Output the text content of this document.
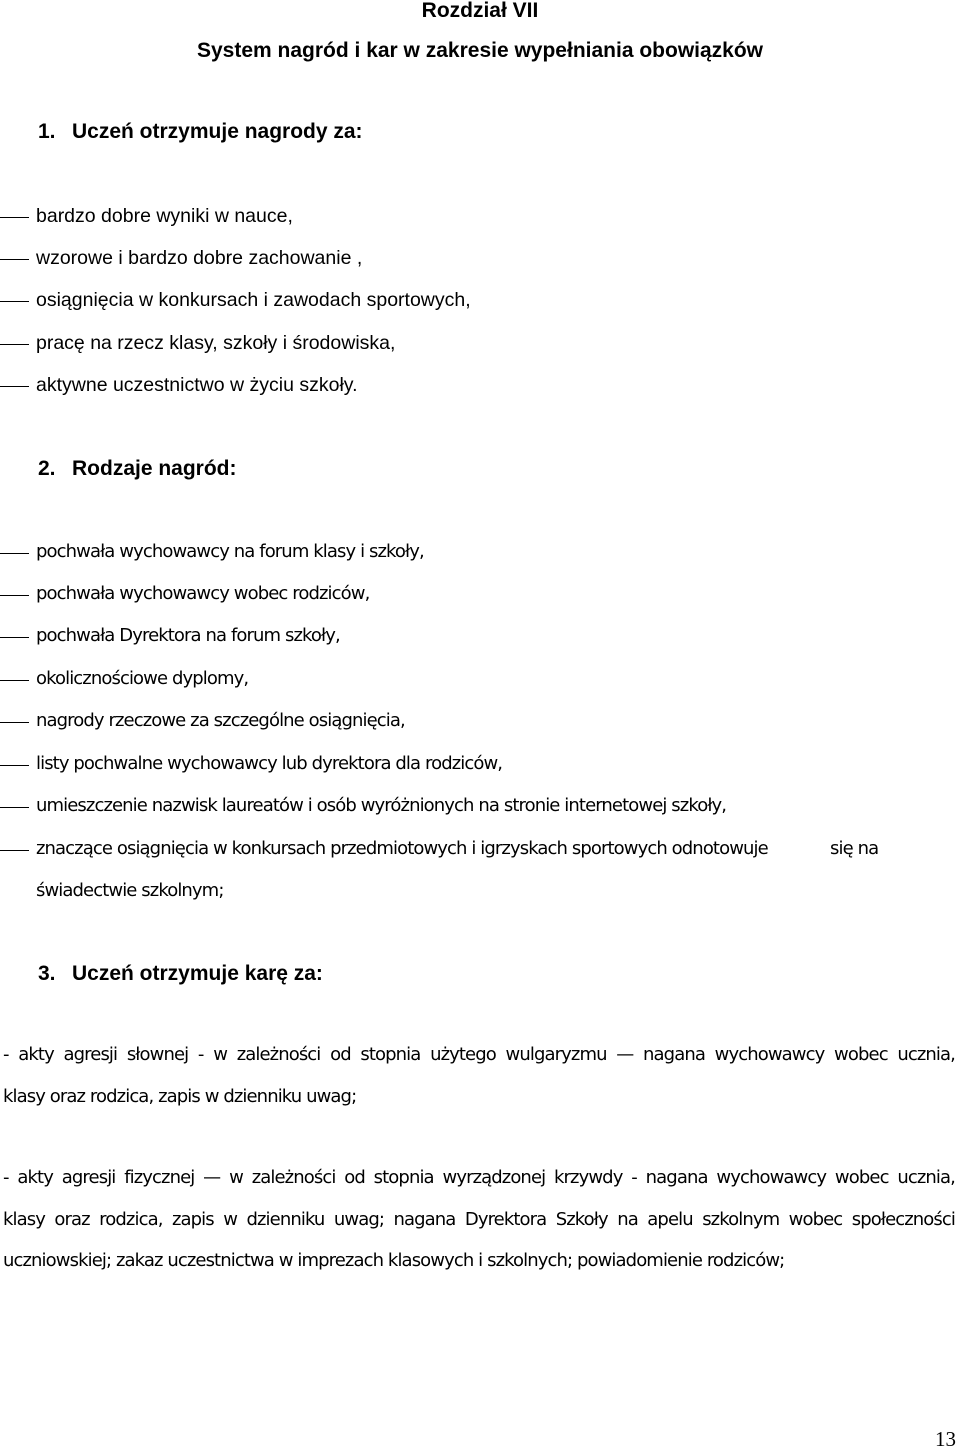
Rozdział VII
System nagród i kar w zakresie wypełniania obowiązków
1. Uczeń otrzymuje nagrody za:
bardzo dobre wyniki w nauce,
wzorowe i bardzo dobre zachowanie ,
osiągnięcia w konkursach i zawodach sportowych,
pracę na rzecz klasy, szkoły i środowiska,
aktywne uczestnictwo w życiu szkoły.
2. Rodzaje nagród:
pochwała wychowawcy na forum klasy i szkoły,
pochwała wychowawcy wobec rodziców,
pochwała Dyrektora na forum szkoły,
okolicznościowe dyplomy,
nagrody rzeczowe za szczególne osiągnięcia,
listy pochwalne wychowawcy lub dyrektora dla rodziców,
umieszczenie nazwisk laureatów i osób wyróżnionych na stronie internetowej szkoły,
znaczące osiągnięcia w konkursach przedmiotowych i igrzyskach sportowych odnotowuje	się na
świadectwie szkolnym;
3. Uczeń otrzymuje karę za:
- akty agresji słownej - w zależności od stopnia użytego wulgaryzmu — nagana wychowawcy wobec ucznia,
klasy oraz rodzica, zapis w dzienniku uwag;
- akty agresji fizycznej — w zależności od stopnia wyrządzonej krzywdy - nagana wychowawcy wobec ucznia,
klasy oraz rodzica, zapis w dzienniku uwag; nagana Dyrektora Szkoły na apelu szkolnym wobec społeczności
uczniowskiej; zakaz uczestnictwa w imprezach klasowych i szkolnych; powiadomienie rodziców;
13
